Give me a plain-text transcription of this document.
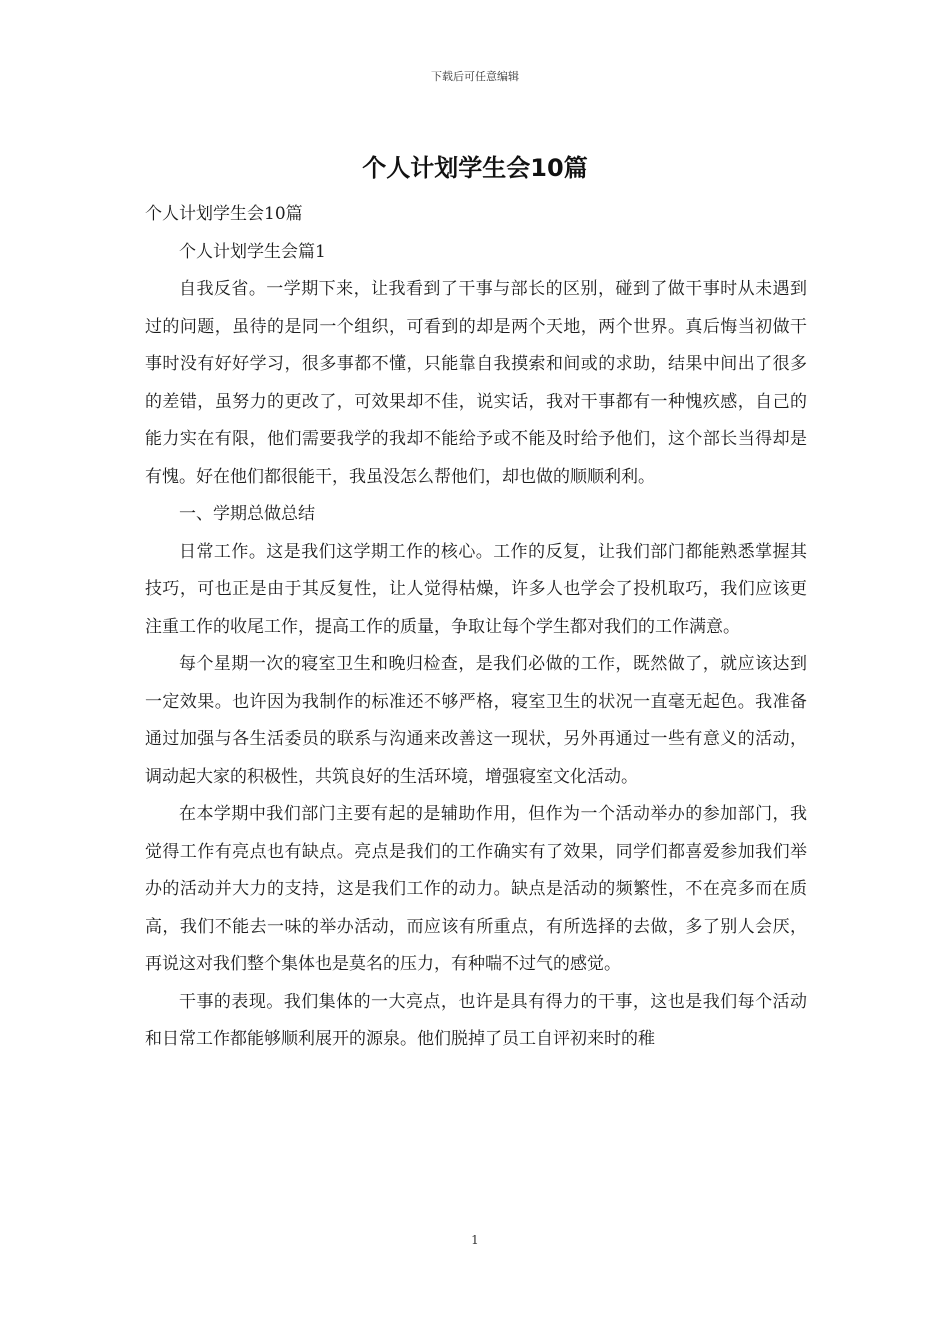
下载后可任意编辑
个人计划学生会10篇

个人计划学生会10篇

个人计划学生会篇1

自我反省。一学期下来，让我看到了干事与部长的区别，碰到了做干事时从未遇到过的问题，虽待的是同一个组织，可看到的却是两个天地，两个世界。真后悔当初做干事时没有好好学习，很多事都不懂，只能靠自我摸索和间或的求助，结果中间出了很多的差错，虽努力的更改了，可效果却不佳，说实话，我对干事都有一种愧疚感，自己的能力实在有限，他们需要我学的我却不能给予或不能及时给予他们，这个部长当得却是有愧。好在他们都很能干，我虽没怎么帮他们，却也做的顺顺利利。

一、学期总做总结

日常工作。这是我们这学期工作的核心。工作的反复，让我们部门都能熟悉掌握其技巧，可也正是由于其反复性，让人觉得枯燥，许多人也学会了投机取巧，我们应该更注重工作的收尾工作，提高工作的质量，争取让每个学生都对我们的工作满意。

每个星期一次的寝室卫生和晚归检查，是我们必做的工作，既然做了，就应该达到一定效果。也许因为我制作的标准还不够严格，寝室卫生的状况一直毫无起色。我准备通过加强与各生活委员的联系与沟通来改善这一现状，另外再通过一些有意义的活动，调动起大家的积极性，共筑良好的生活环境，增强寝室文化活动。

在本学期中我们部门主要有起的是辅助作用，但作为一个活动举办的参加部门，我觉得工作有亮点也有缺点。亮点是我们的工作确实有了效果，同学们都喜爱参加我们举办的活动并大力的支持，这是我们工作的动力。缺点是活动的频繁性，不在亮多而在质高，我们不能去一味的举办活动，而应该有所重点，有所选择的去做，多了别人会厌，再说这对我们整个集体也是莫名的压力，有种喘不过气的感觉。

干事的表现。我们集体的一大亮点，也许是具有得力的干事，这也是我们每个活动和日常工作都能够顺利展开的源泉。他们脱掉了员工自评初来时的稚

1
